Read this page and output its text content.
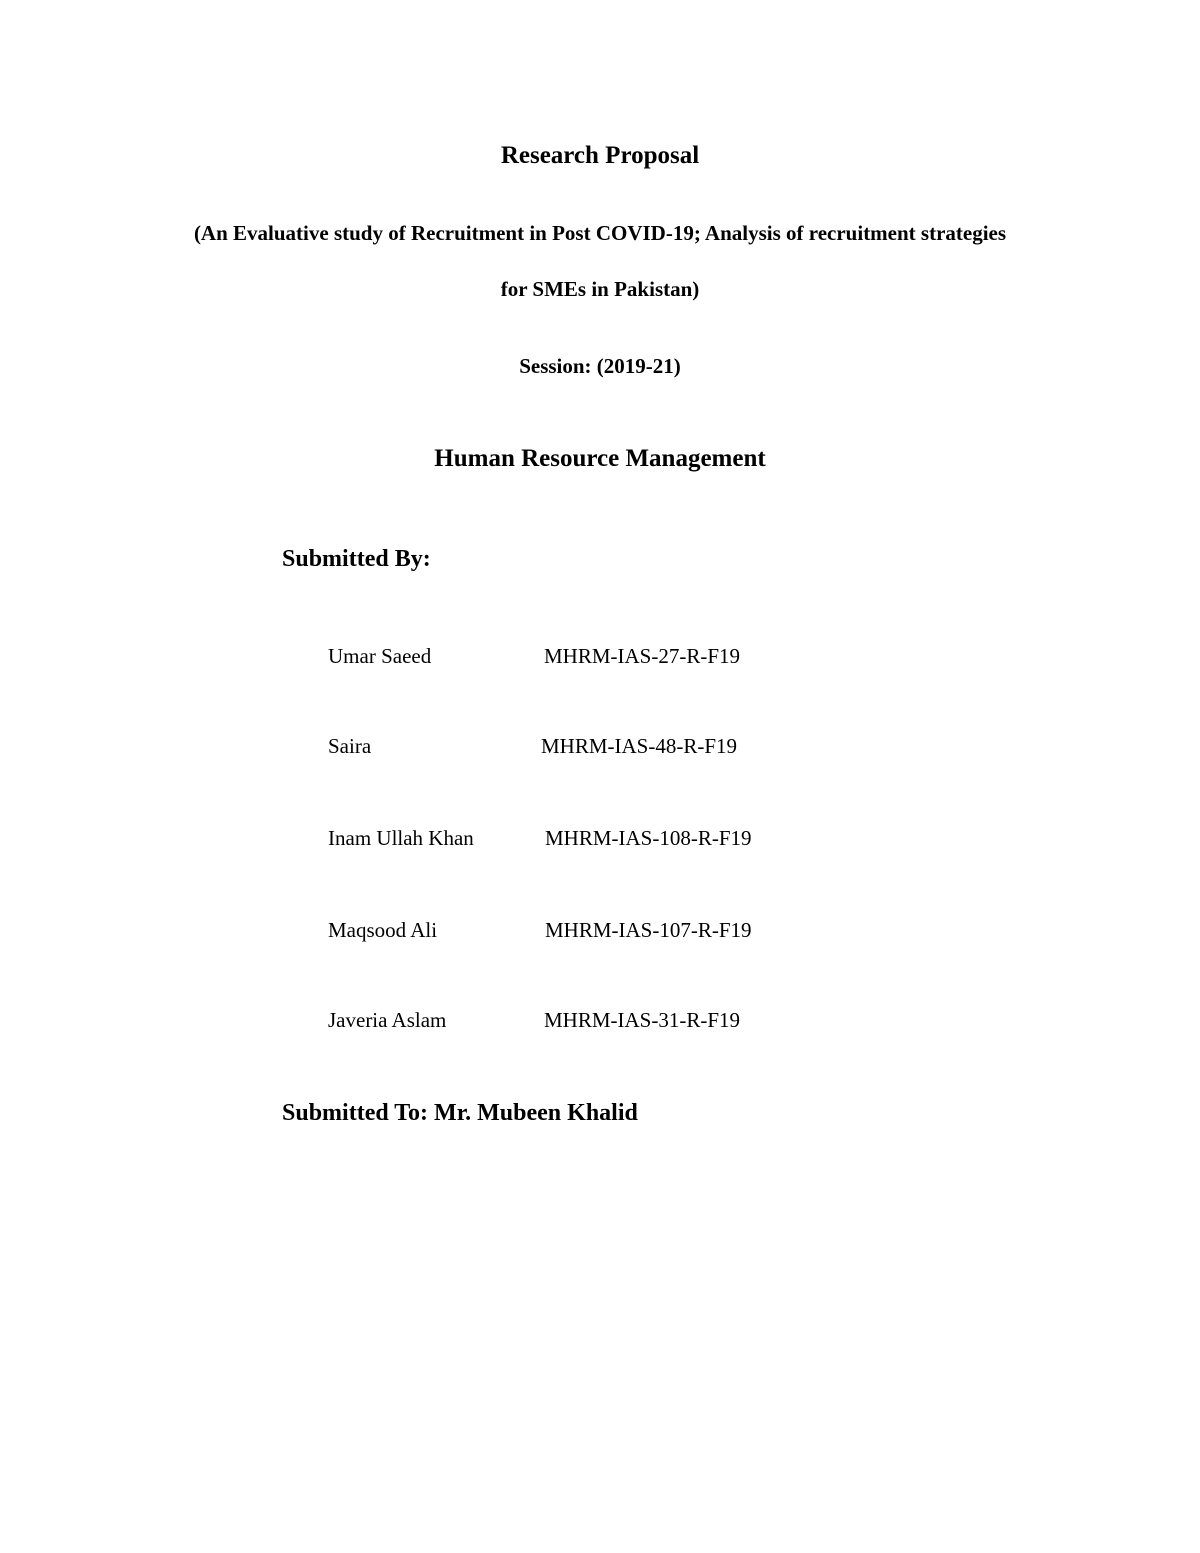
Research Proposal
(An Evaluative study of Recruitment in Post COVID-19; Analysis of recruitment strategies
for SMEs in Pakistan)
Session: (2019-21)
Human Resource Management
Submitted By:
Umar Saeed	MHRM-IAS-27-R-F19
Saira	MHRM-IAS-48-R-F19
Inam Ullah Khan	MHRM-IAS-108-R-F19
Maqsood Ali	MHRM-IAS-107-R-F19
Javeria Aslam	MHRM-IAS-31-R-F19
Submitted To: Mr. Mubeen Khalid
